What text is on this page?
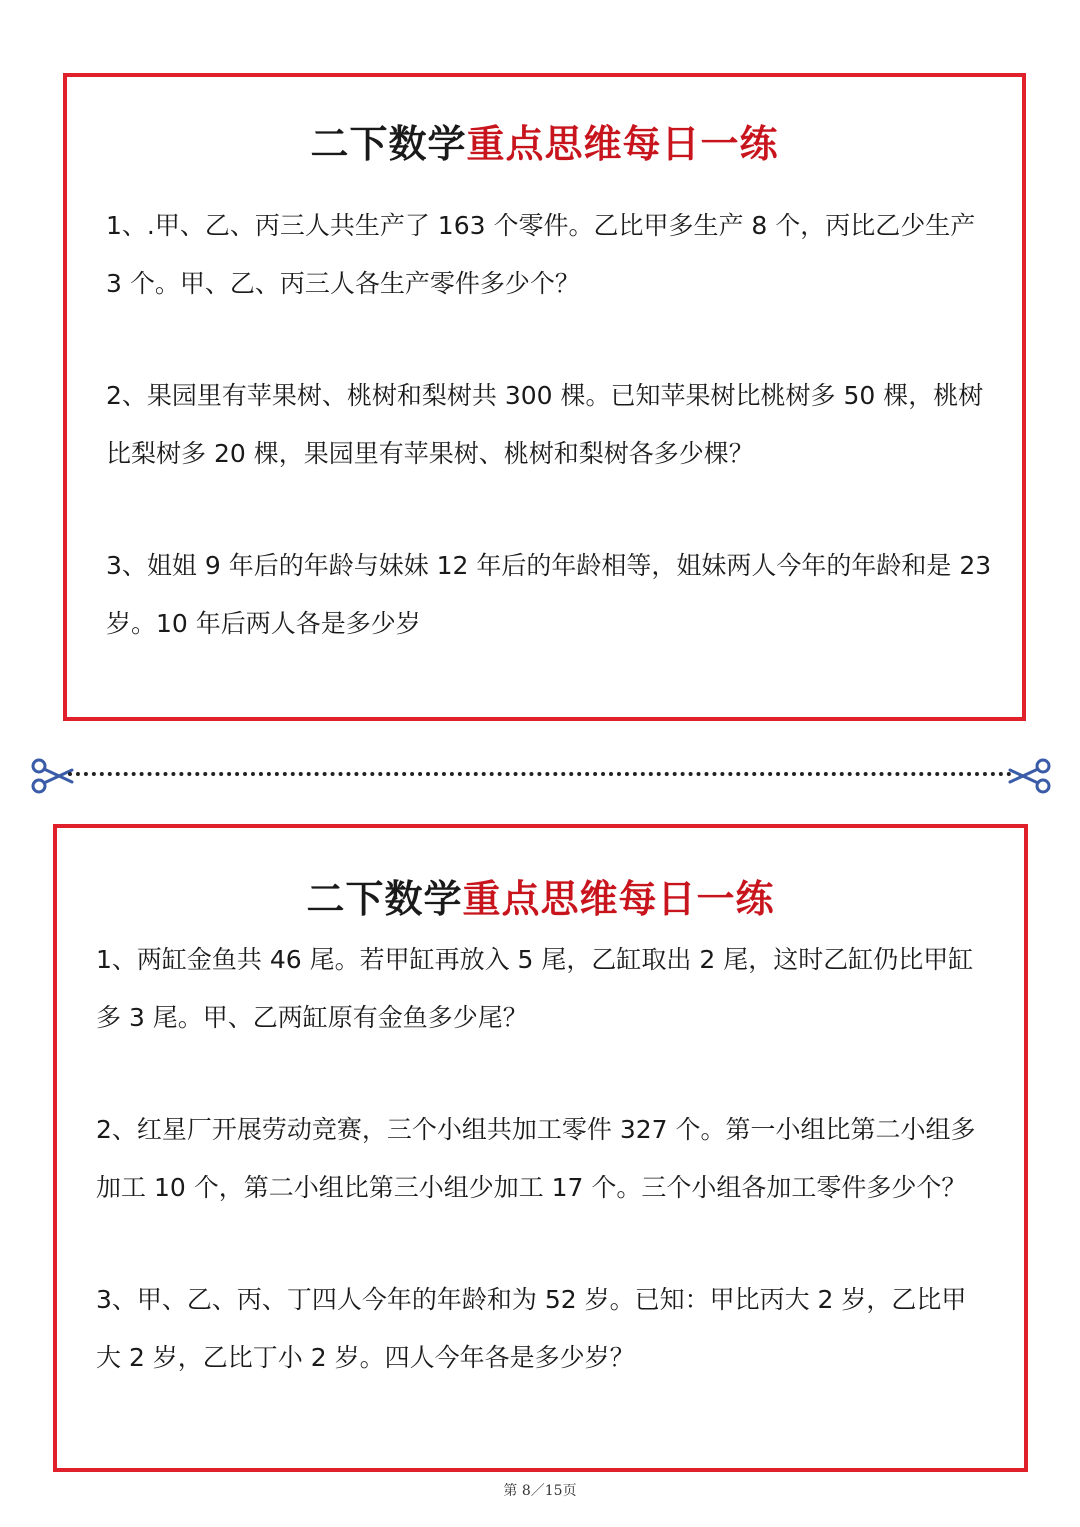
二下数学重点思维每日一练

1、.甲、乙、丙三人共生产了 163 个零件。乙比甲多生产 8 个，丙比乙少生产 3 个。甲、乙、丙三人各生产零件多少个？

2、果园里有苹果树、桃树和梨树共 300 棵。已知苹果树比桃树多 50 棵，桃树比梨树多 20 棵，果园里有苹果树、桃树和梨树各多少棵？

3、姐姐 9 年后的年龄与妹妹 12 年后的年龄相等，姐妹两人今年的年龄和是 23 岁。10 年后两人各是多少岁

二下数学重点思维每日一练

1、两缸金鱼共 46 尾。若甲缸再放入 5 尾，乙缸取出 2 尾，这时乙缸仍比甲缸多 3 尾。甲、乙两缸原有金鱼多少尾？

2、红星厂开展劳动竞赛，三个小组共加工零件 327 个。第一小组比第二小组多加工 10 个，第二小组比第三小组少加工 17 个。三个小组各加工零件多少个？

3、甲、乙、丙、丁四人今年的年龄和为 52 岁。已知：甲比丙大 2 岁，乙比甲大 2 岁，乙比丁小 2 岁。四人今年各是多少岁？

第 8／15页
